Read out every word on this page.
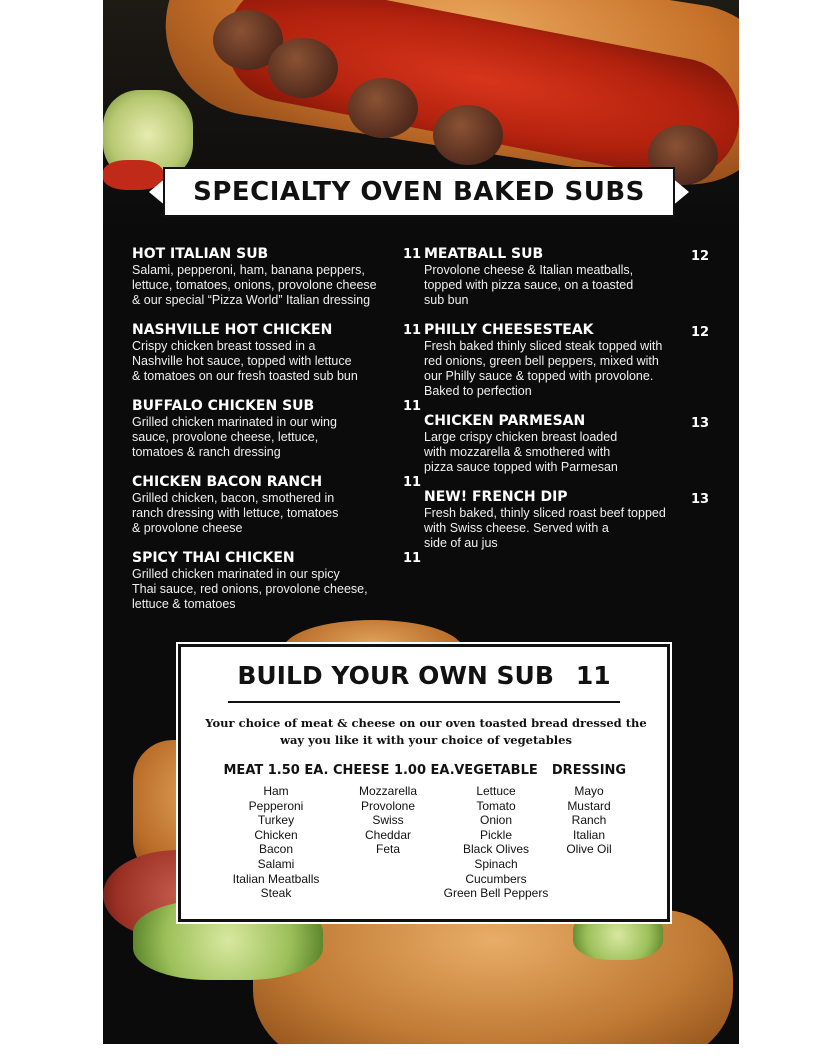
SPECIALTY OVEN BAKED SUBS
HOT ITALIAN SUB
Salami, pepperoni, ham, banana peppers,
lettuce, tomatoes, onions, provolone cheese
& our special “Pizza World” Italian dressing
11
NASHVILLE HOT CHICKEN
Crispy chicken breast tossed in a
Nashville hot sauce, topped with lettuce
& tomatoes on our fresh toasted sub bun
11
BUFFALO CHICKEN SUB
Grilled chicken marinated in our wing
sauce, provolone cheese, lettuce,
tomatoes & ranch dressing
11
CHICKEN BACON RANCH
Grilled chicken, bacon, smothered in
ranch dressing with lettuce, tomatoes
& provolone cheese
11
SPICY THAI CHICKEN
Grilled chicken marinated in our spicy
Thai sauce, red onions, provolone cheese,
lettuce & tomatoes
11
MEATBALL SUB
Provolone cheese & Italian meatballs,
topped with pizza sauce, on a toasted
sub bun
12
PHILLY CHEESESTEAK
Fresh baked thinly sliced steak topped with
red onions, green bell peppers, mixed with
our Philly sauce & topped with provolone.
Baked to perfection
12
CHICKEN PARMESAN
Large crispy chicken breast loaded
with mozzarella & smothered with
pizza sauce topped with Parmesan
13
NEW! FRENCH DIP
Fresh baked, thinly sliced roast beef topped
with Swiss cheese. Served with a
side of au jus
13
BUILD YOUR OWN SUB 11
Your choice of meat & cheese on our oven toasted bread dressed the
way you like it with your choice of vegetables
MEAT 1.50 EA.
Ham
Pepperoni
Turkey
Chicken
Bacon
Salami
Italian Meatballs
Steak
CHEESE 1.00 EA.
Mozzarella
Provolone
Swiss
Cheddar
Feta
VEGETABLE
Lettuce
Tomato
Onion
Pickle
Black Olives
Spinach
Cucumbers
Green Bell Peppers
DRESSING
Mayo
Mustard
Ranch
Italian
Olive Oil
